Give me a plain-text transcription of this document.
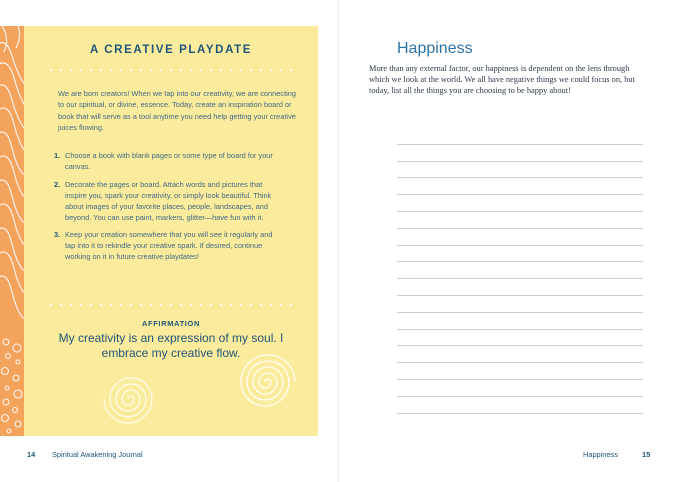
A CREATIVE PLAYDATE

We are born creators! When we tap into our creativity, we are connecting to our spiritual, or divine, essence. Today, create an inspiration board or book that will serve as a tool anytime you need help getting your creative juices flowing.

1. Choose a book with blank pages or some type of board for your canvas.
2. Decorate the pages or board. Attach words and pictures that inspire you, spark your creativity, or simply look beautiful. Think about images of your favorite places, people, landscapes, and beyond. You can use paint, markers, glitter—have fun with it.
3. Keep your creation somewhere that you will see it regularly and tap into it to rekindle your creative spark. If desired, continue working on it in future creative playdates!
AFFIRMATION
My creativity is an expression of my soul. I embrace my creative flow.
14 Spiritual Awakening Journal
Happiness
More than any external factor, our happiness is dependent on the lens through which we look at the world. We all have negative things we could focus on, but today, list all the things you are choosing to be happy about!
Happiness	15
